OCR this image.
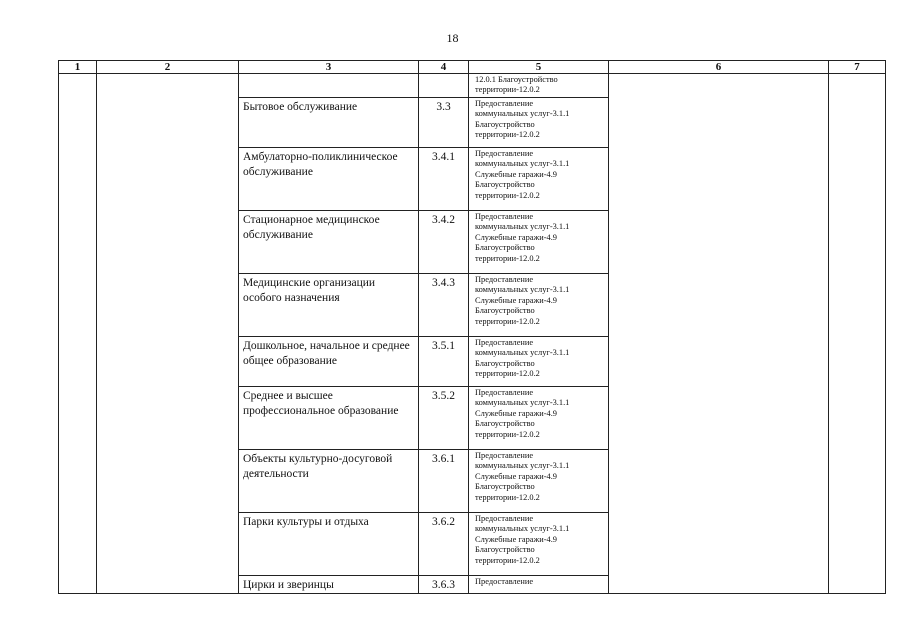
18
1	2	3	4	5	6	7

				12.0.1 Благоустройство
территории-12.0.2		

		Бытовое обслуживание	3.3	Предоставление
коммунальных услуг-3.1.1
Благоустройство
территории-12.0.2		

		Амбулаторно-поликлиническое обслуживание	3.4.1	Предоставление
коммунальных услуг-3.1.1
Служебные гаражи-4.9
Благоустройство
территории-12.0.2		

		Стационарное медицинское обслуживание	3.4.2	Предоставление
коммунальных услуг-3.1.1
Служебные гаражи-4.9
Благоустройство
территории-12.0.2		

		Медицинские организации особого назначения	3.4.3	Предоставление
коммунальных услуг-3.1.1
Служебные гаражи-4.9
Благоустройство
территории-12.0.2		

		Дошкольное, начальное и среднее общее образование	3.5.1	Предоставление
коммунальных услуг-3.1.1
Благоустройство
территории-12.0.2		

		Среднее и высшее профессиональное образование	3.5.2	Предоставление
коммунальных услуг-3.1.1
Служебные гаражи-4.9
Благоустройство
территории-12.0.2		

		Объекты культурно-досуговой деятельности	3.6.1	Предоставление
коммунальных услуг-3.1.1
Служебные гаражи-4.9
Благоустройство
территории-12.0.2		

		Парки культуры и отдыха	3.6.2	Предоставление
коммунальных услуг-3.1.1
Служебные гаражи-4.9
Благоустройство
территории-12.0.2		

		Цирки и зверинцы	3.6.3	Предоставление		
